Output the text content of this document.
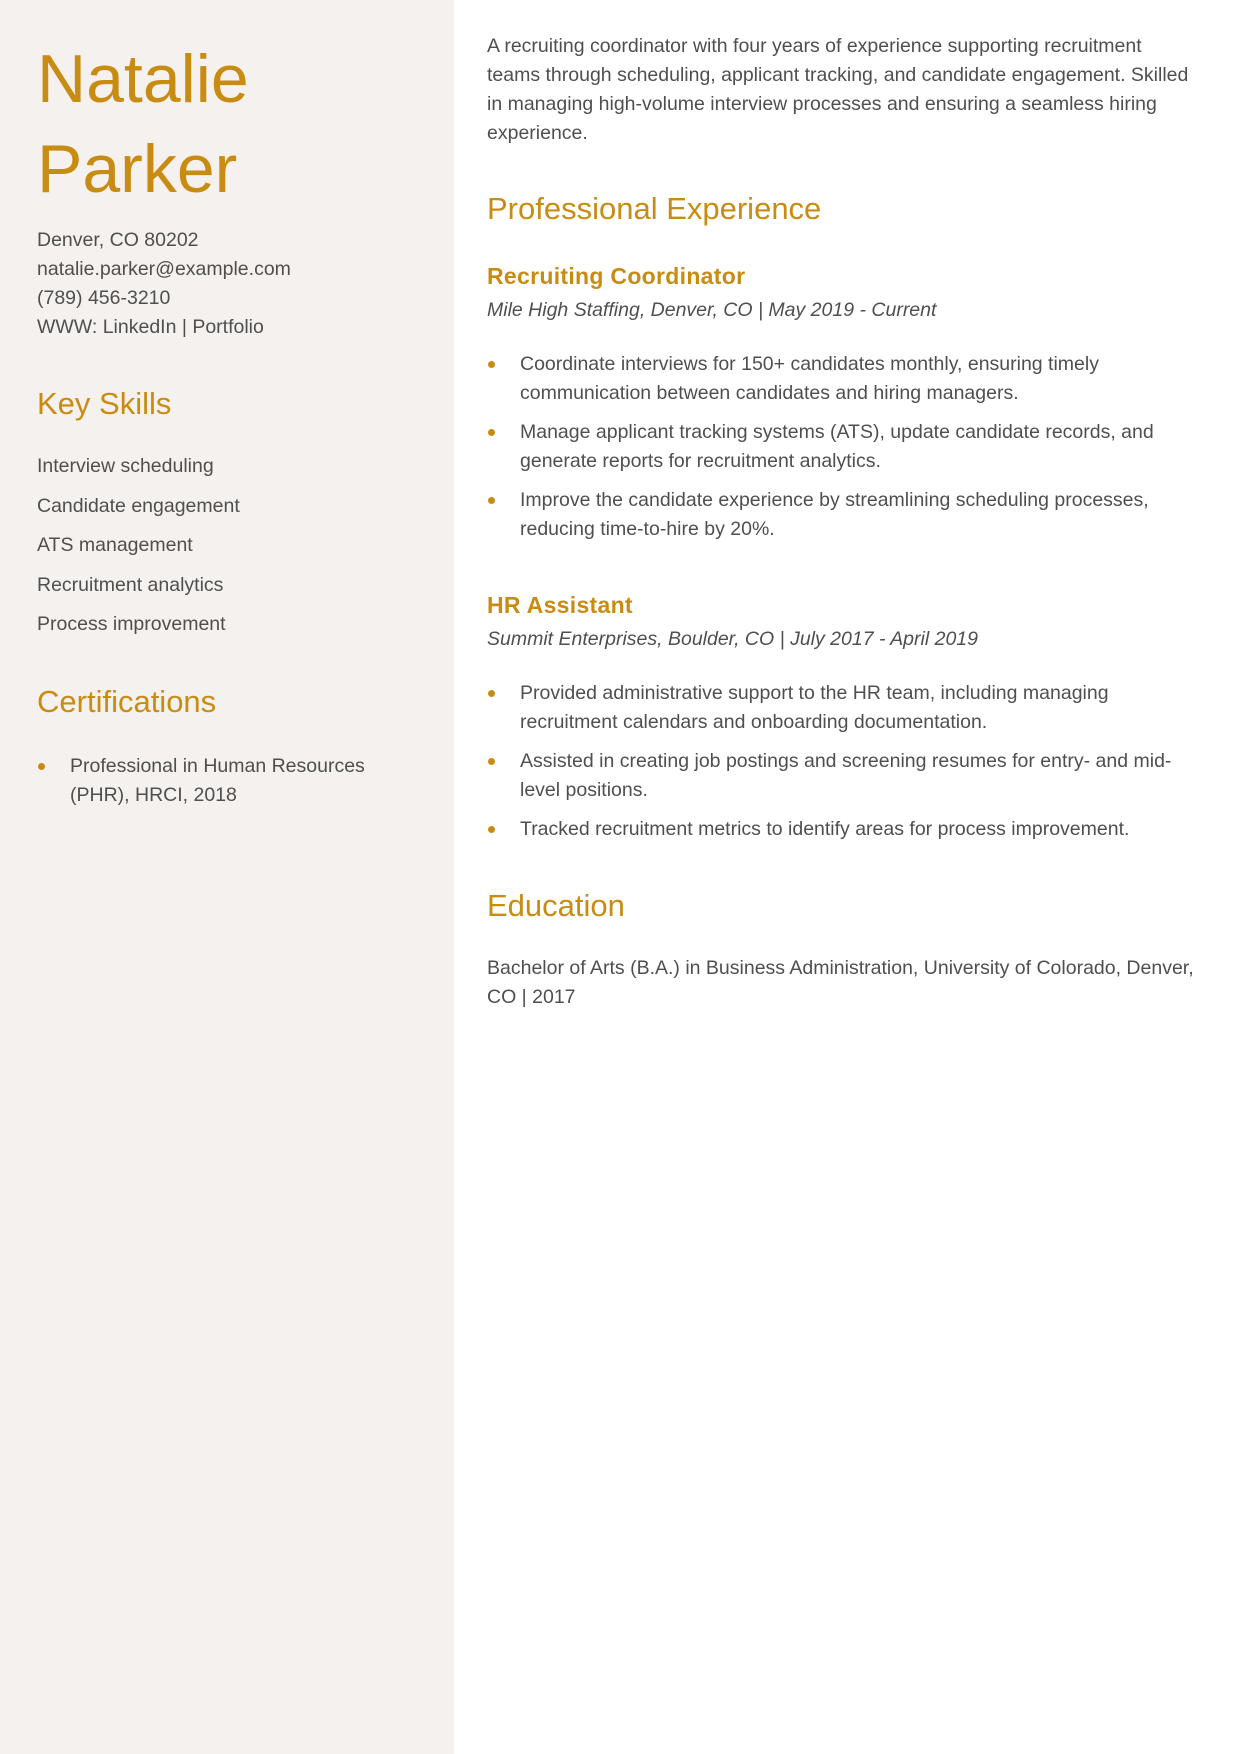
Natalie
Parker
Denver, CO 80202
natalie.parker@example.com
(789) 456-3210
WWW: LinkedIn | Portfolio
Key Skills
Interview scheduling
Candidate engagement
ATS management
Recruitment analytics
Process improvement
Certifications
Professional in Human Resources (PHR), HRCI, 2018

A recruiting coordinator with four years of experience supporting recruitment teams through scheduling, applicant tracking, and candidate engagement. Skilled in managing high-volume interview processes and ensuring a seamless hiring experience.

Professional Experience
Recruiting Coordinator
Mile High Staffing, Denver, CO | May 2019 - Current
Coordinate interviews for 150+ candidates monthly, ensuring timely communication between candidates and hiring managers.
Manage applicant tracking systems (ATS), update candidate records, and generate reports for recruitment analytics.
Improve the candidate experience by streamlining scheduling processes, reducing time-to-hire by 20%.
HR Assistant
Summit Enterprises, Boulder, CO | July 2017 - April 2019
Provided administrative support to the HR team, including managing recruitment calendars and onboarding documentation.
Assisted in creating job postings and screening resumes for entry- and mid-level positions.
Tracked recruitment metrics to identify areas for process improvement.
Education

Bachelor of Arts (B.A.) in Business Administration, University of Colorado, Denver, CO | 2017
